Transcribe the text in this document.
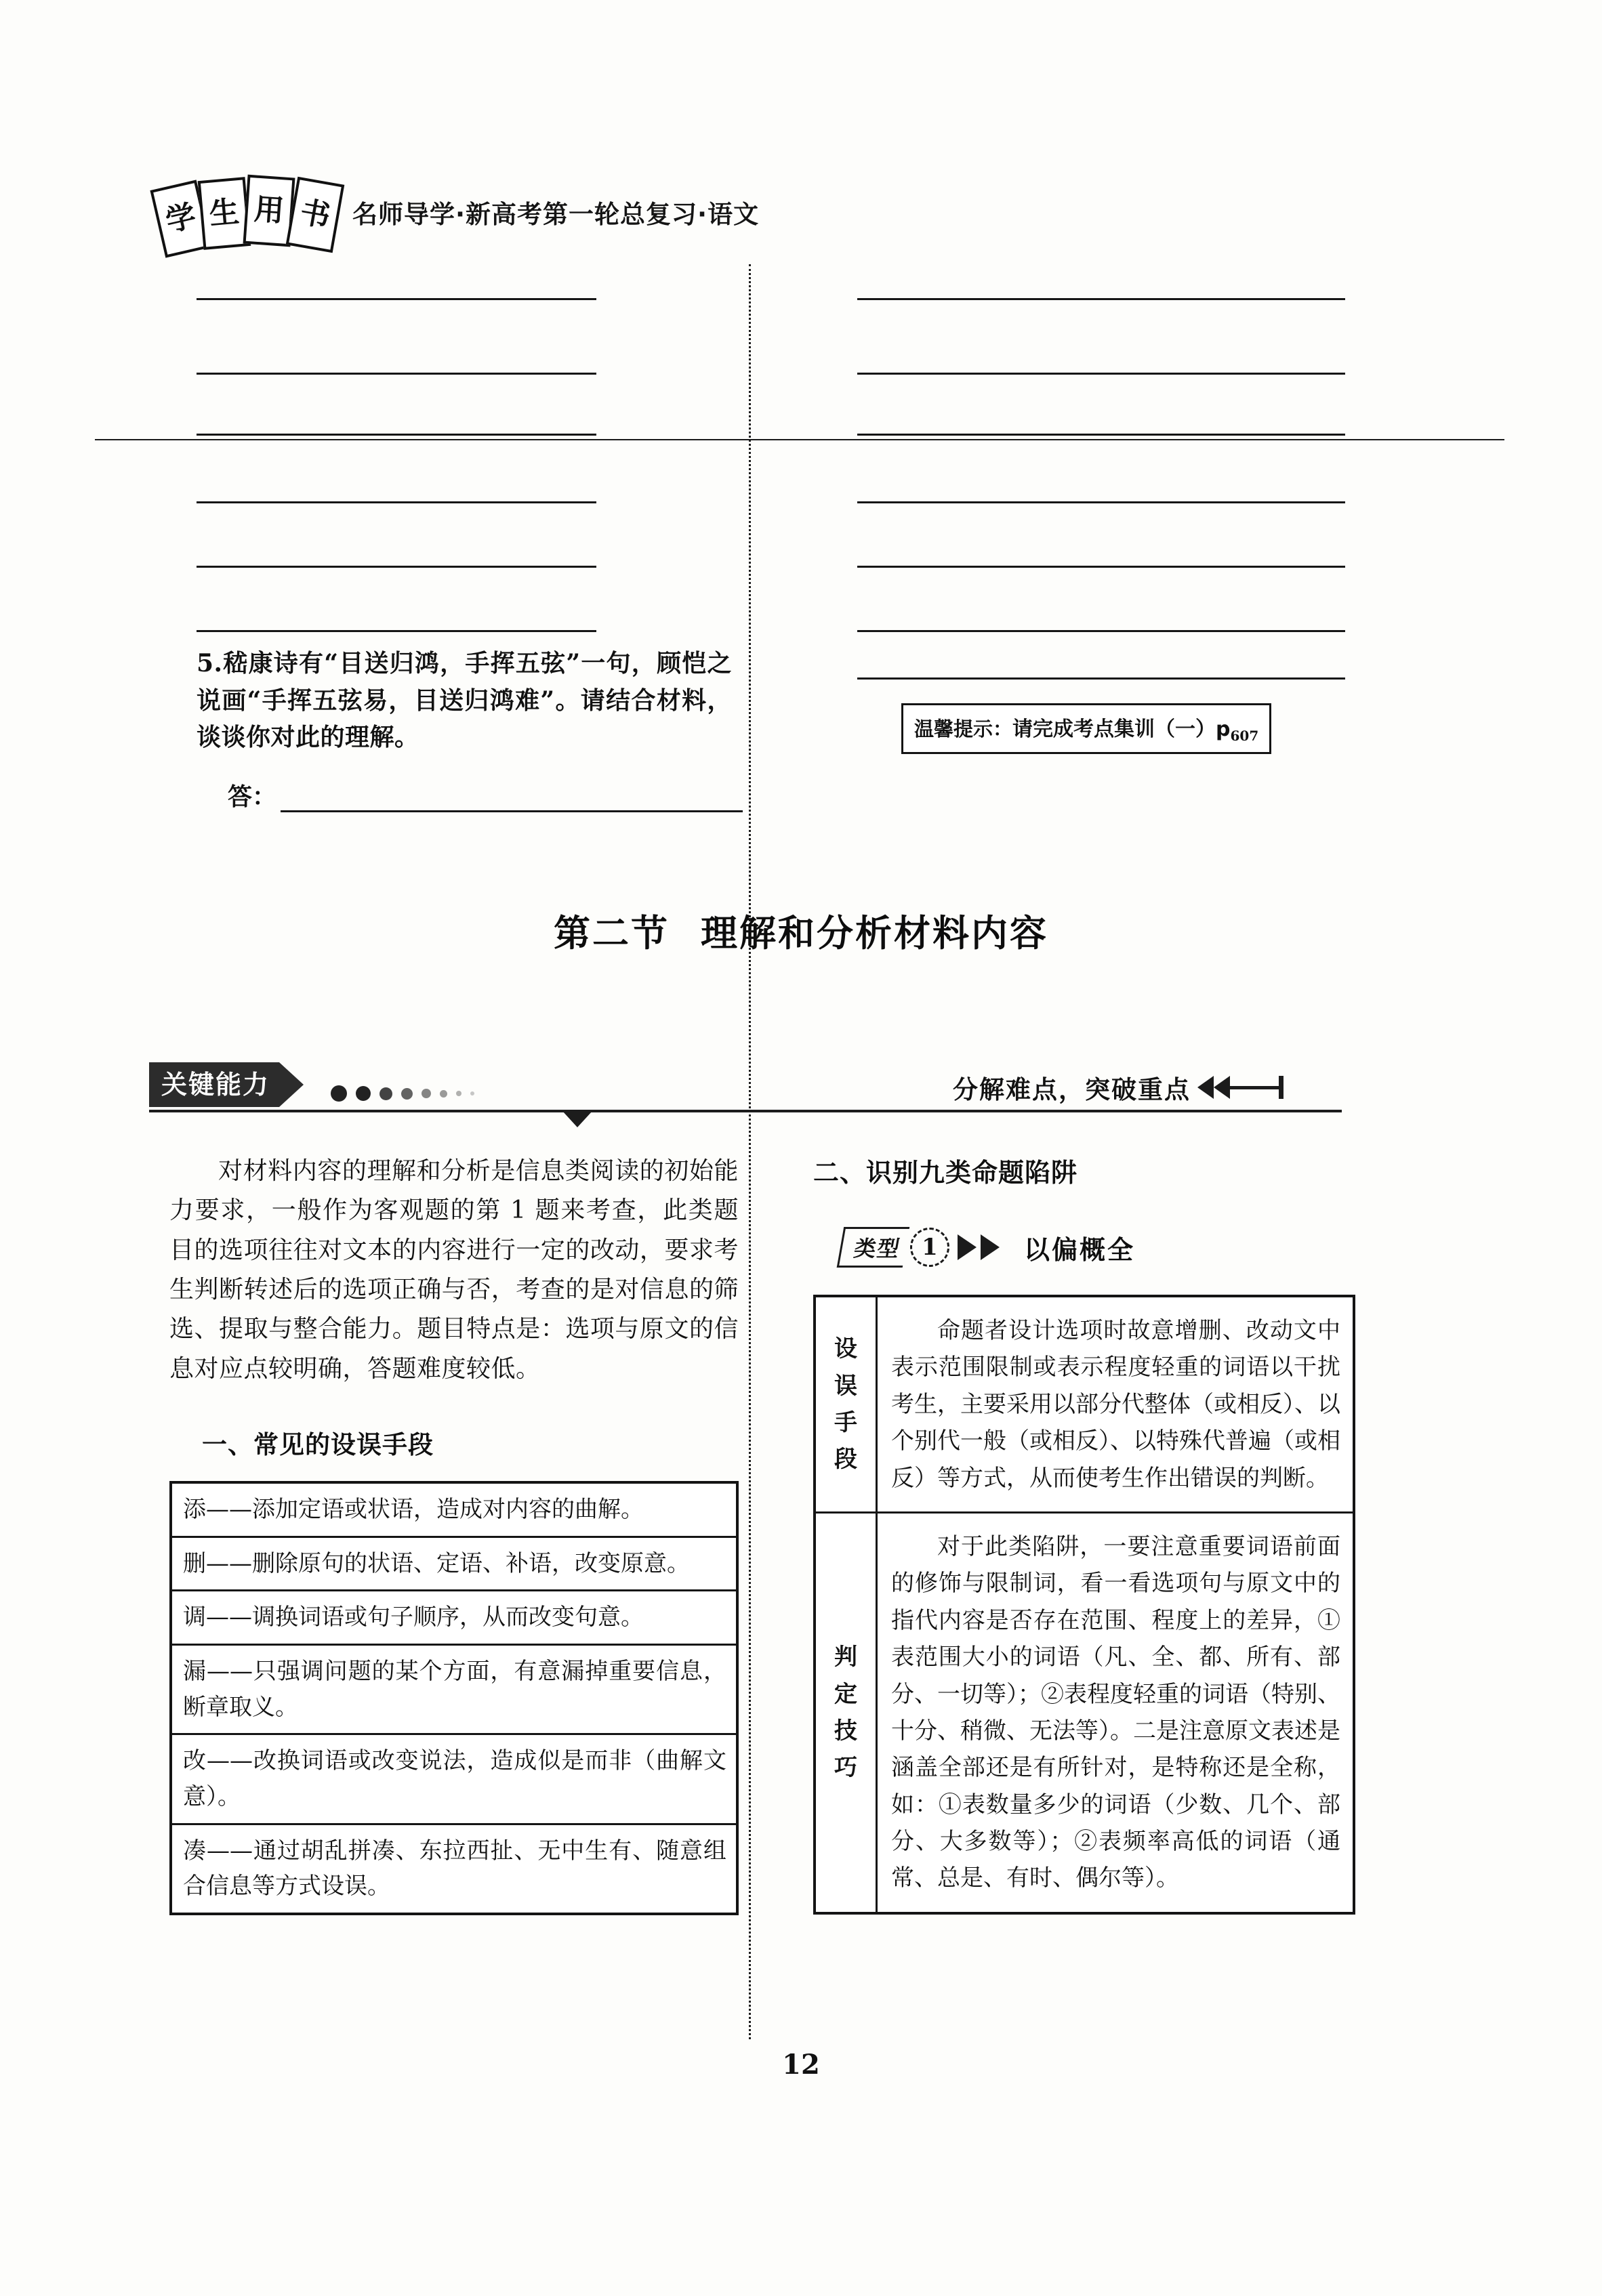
学 生 用 书 名师导学·新高考第一轮总复习·语文
5.嵇康诗有“目送归鸿，手挥五弦”一句，顾恺之说画“手挥五弦易，目送归鸿难”。请结合材料，谈谈你对此的理解。
答：
温馨提示：请完成考点集训（一）$p_{607}$
第二节 理解和分析材料内容
关键能力	分解难点，突破重点
对材料内容的理解和分析是信息类阅读的初始能力要求，一般作为客观题的第 1 题来考查，此类题目的选项往往对文本的内容进行一定的改动，要求考生判断转述后的选项正确与否，考查的是对信息的筛选、提取与整合能力。题目特点是：选项与原文的信息对应点较明确，答题难度较低。
一、常见的设误手段
添——添加定语或状语，造成对内容的曲解。
删——删除原句的状语、定语、补语，改变原意。
调——调换词语或句子顺序，从而改变句意。
漏——只强调问题的某个方面，有意漏掉重要信息，断章取义。
改——改换词语或改变说法，造成似是而非（曲解文意）。
凑——通过胡乱拼凑、东拉西扯、无中生有、随意组合信息等方式设误。
二、识别九类命题陷阱
类型 1	以偏概全
设
误
手
段	命题者设计选项时故意增删、改动文中表示范围限制或表示程度轻重的词语以干扰考生，主要采用以部分代整体（或相反）、以个别代一般（或相反）、以特殊代普遍（或相反）等方式，从而使考生作出错误的判断。

判
定
技
巧	对于此类陷阱，一要注意重要词语前面的修饰与限制词，看一看选项句与原文中的指代内容是否存在范围、程度上的差异，①表范围大小的词语（凡、全、都、所有、部分、一切等）；②表程度轻重的词语（特别、十分、稍微、无法等）。二是注意原文表述是涵盖全部还是有所针对，是特称还是全称，如：①表数量多少的词语（少数、几个、部分、大多数等）；②表频率高低的词语（通常、总是、有时、偶尔等）。
12
